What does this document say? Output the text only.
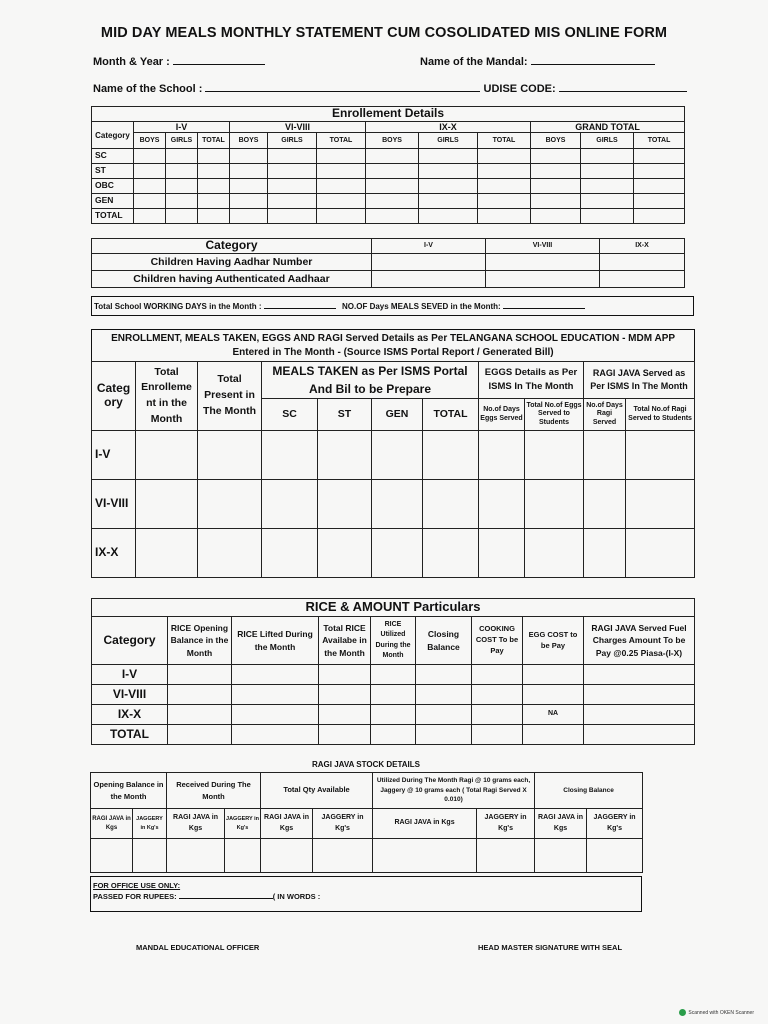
MID DAY MEALS MONTHLY STATEMENT CUM COSOLIDATED MIS ONLINE FORM
Month & Year :	Name of the Mandal:
Name of the School :	UDISE CODE:
Enrollement Details												
Category	I-V			VI-VIII			IX-X			GRAND TOTAL		
	BOYS	GIRLS	TOTAL	BOYS	GIRLS	TOTAL	BOYS	GIRLS	TOTAL	BOYS	GIRLS	TOTAL
SC												
ST												
OBC												
GEN												
TOTAL												
Category	I-V	VI-VIII	IX-X
Children Having Aadhar Number			
Children having Authenticated Aadhaar			
Total School WORKING DAYS in the Month :	NO.OF Days MEALS SEVED in the Month:
ENROLLMENT, MEALS TAKEN, EGGS AND RAGI Served Details as Per TELANGANA SCHOOL EDUCATION - MDM APP
Entered in The Month - (Source ISMS Portal Report / Generated Bill)										

Categ ory	Total Enrolleme nt in the Month	Total Present in The Month	MEALS TAKEN as Per ISMS Portal And Bil to be Prepare				EGGS Details as Per ISMS In The Month		RAGI JAVA Served as Per ISMS In The Month	
			SC	ST	GEN	TOTAL	No.of Days Eggs Served	Total No.of Eggs Served to Students	No.of Days Ragi Served	Total No.of Ragi Served to Students
I-V										
VI-VIII										
IX-X										
RICE & AMOUNT Particulars								
Category	RICE Opening Balance in the Month	RICE Lifted During the Month	Total RICE Availabe in the Month	RICE Utilized During the Month	Closing Balance	COOKING COST To be Pay	EGG COST to be Pay	RAGI JAVA Served Fuel Charges Amount To be Pay @0.25 Piasa-(I-X)
I-V								
VI-VIII								
IX-X							NA	
TOTAL								
RAGI JAVA STOCK DETAILS
Opening Balance in the Month		Received During The Month		Total Qty Available		Utilized During The Month Ragi @ 10 grams each, Jaggery @ 10 grams each ( Total Ragi Served X 0.010)		Closing Balance	
RAGI JAVA in Kgs	JAGGERY in Kg's	RAGI JAVA in Kgs	JAGGERY in Kg's	RAGI JAVA in Kgs	JAGGERY in Kg's	RAGI JAVA in Kgs	JAGGERY in Kg's	RAGI JAVA in Kgs	JAGGERY in Kg's

FOR OFFICE USE ONLY:
PASSED FOR RUPEES:	( IN WORDS :
MANDAL EDUCATIONAL OFFICER	HEAD MASTER SIGNATURE WITH SEAL
Scanned with OKEN Scanner
